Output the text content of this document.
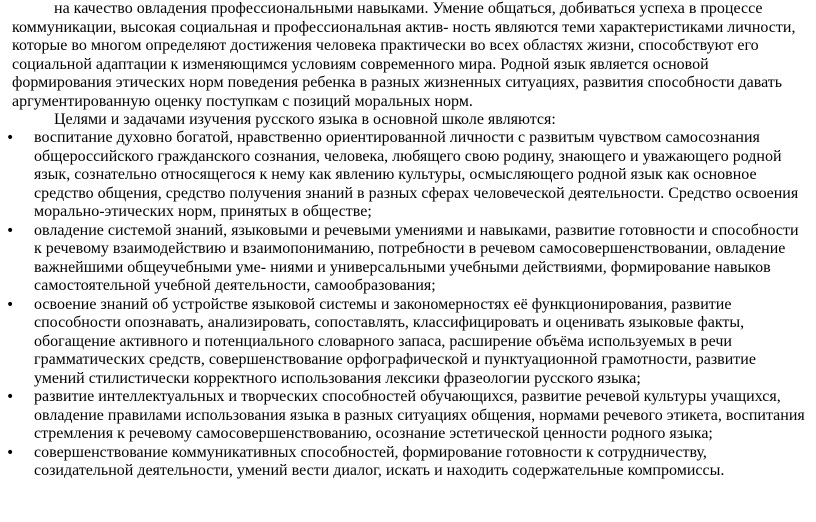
на качество овладения профессиональными навыками. Умение общаться, добиваться успеха в процессе коммуникации, высокая социальная и профессиональная актив- ность являются теми характеристиками личности, которые во многом определяют достижения человека практически во всех областях жизни, способствуют его социальной адаптации к изменяющимся условиям современного мира. Родной язык является основой формирования этических норм поведения ребенка в разных жизненных ситуациях, развития способности давать аргументированную оценку поступкам с позиций моральных норм.

Целями и задачами изучения русского языка в основной школе являются:

• воспитание духовно богатой, нравственно ориентированной личности с развитым чувством самосознания общероссийского гражданского сознания, человека, любящего свою родину, знающего и уважающего родной язык, сознательно относящегося к нему как явлению культуры, осмысляющего родной язык как основное средство общения, средство получения знаний в разных сферах человеческой деятельности. Средство освоения морально-этических норм, принятых в обществе;
• овладение системой знаний, языковыми и речевыми умениями и навыками, развитие готовности и способности к речевому взаимодействию и взаимопониманию, потребности в речевом самосовершенствовании, овладение важнейшими общеучебными уме- ниями и универсальными учебными действиями, формирование навыков самостоятельной учебной деятельности, самообразования;
• освоение знаний об устройстве языковой системы и закономерностях её функционирования, развитие способности опознавать, анализировать, сопоставлять, классифицировать и оценивать языковые факты, обогащение активного и потенциального словарного запаса, расширение объёма используемых в речи грамматических средств, совершенствование орфографической и пунктуационной грамотности, развитие умений стилистически корректного использования лексики фразеологии русского языка;
• развитие интеллектуальных и творческих способностей обучающихся, развитие речевой культуры учащихся, овладение правилами использования языка в разных ситуациях общения, нормами речевого этикета, воспитания стремления к речевому самосовершенствованию, осознание эстетической ценности родного языка;
• совершенствование коммуникативных способностей, формирование готовности к сотрудничеству, созидательной деятельности, умений вести диалог, искать и находить содержательные компромиссы.
